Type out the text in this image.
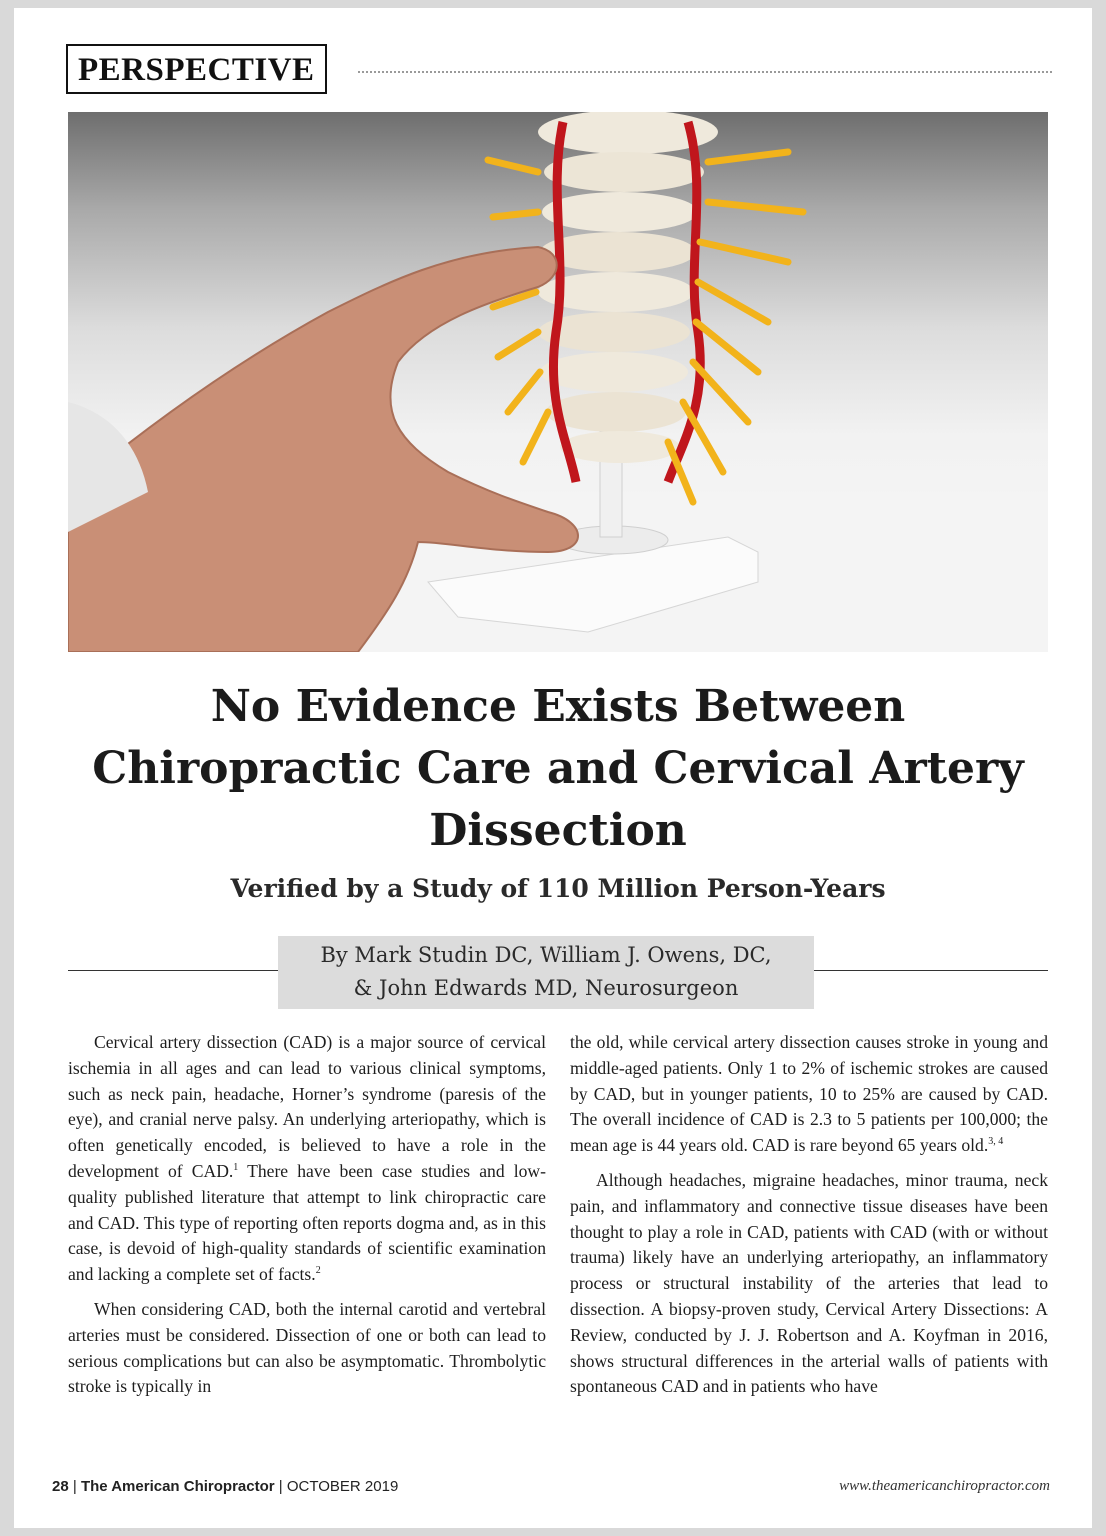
PERSPECTIVE
No Evidence Exists Between
Chiropractic Care and Cervical Artery
Dissection
Verified by a Study of 110 Million Person-Years
By Mark Studin DC, William J. Owens, DC,
& John Edwards MD, Neurosurgeon

Cervical artery dissection (CAD) is a major source of cervical ischemia in all ages and can lead to various clinical symptoms, such as neck pain, headache, Horner’s syndrome (paresis of the eye), and cranial nerve palsy. An underlying arteriopathy, which is often genetically encoded, is believed to have a role in the development of CAD.$^1$ There have been case studies and low-quality published literature that attempt to link chiropractic care and CAD. This type of reporting often reports dogma and, as in this case, is devoid of high-quality standards of scientific examination and lacking a complete set of facts.$^2$

When considering CAD, both the internal carotid and vertebral arteries must be considered. Dissection of one or both can lead to serious complications but can also be asymptomatic. Thrombolytic stroke is typically in

the old, while cervical artery dissection causes stroke in young and middle-aged patients. Only 1 to 2% of ischemic strokes are caused by CAD, but in younger patients, 10 to 25% are caused by CAD. The overall incidence of CAD is 2.3 to 5 patients per 100,000; the mean age is 44 years old. CAD is rare beyond 65 years old.$^{3, 4}$

Although headaches, migraine headaches, minor trauma, neck pain, and inflammatory and connective tissue diseases have been thought to play a role in CAD, patients with CAD (with or without trauma) likely have an underlying arteriopathy, an inflammatory process or structural instability of the arteries that lead to dissection. A biopsy-proven study, Cervical Artery Dissections: A Review, conducted by J. J. Robertson and A. Koyfman in 2016, shows structural differences in the arterial walls of patients with spontaneous CAD and in patients who have

28 | The American Chiropractor | OCTOBER 2019	www.theamericanchiropractor.com
